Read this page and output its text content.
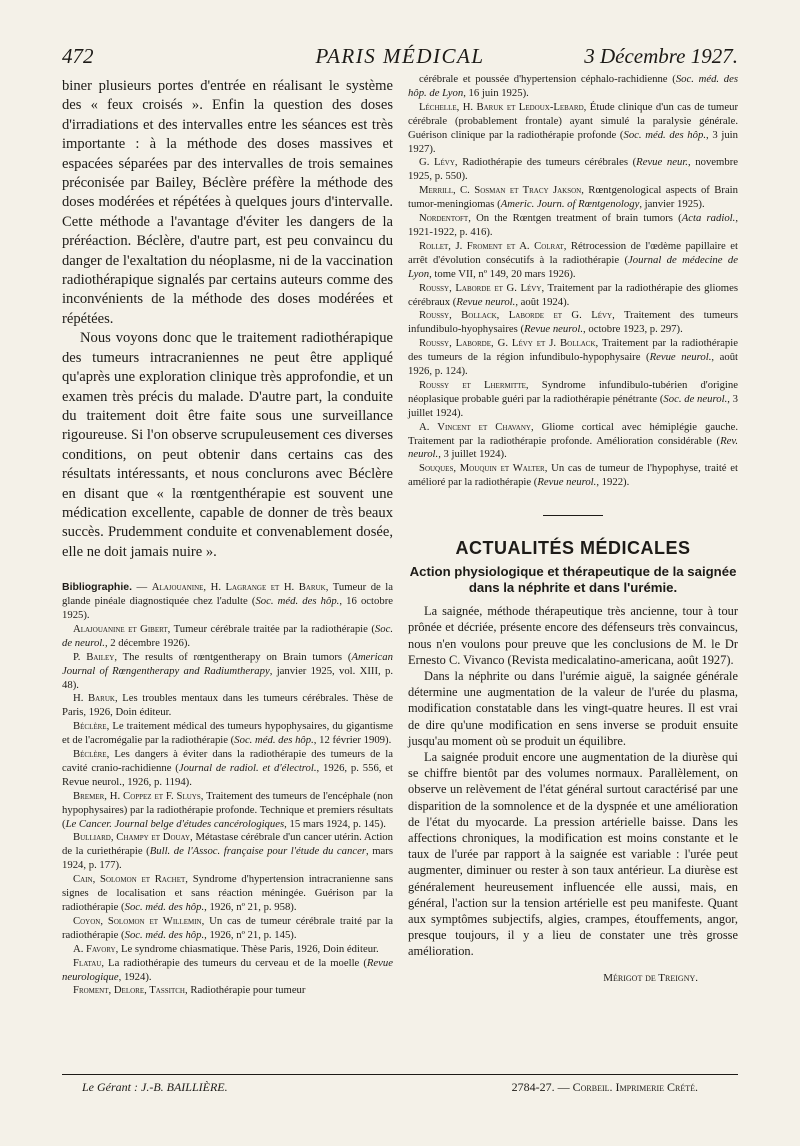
472	PARIS MÉDICAL	3 Décembre 1927.

biner plusieurs portes d'entrée en réalisant le système des « feux croisés ». Enfin la question des doses d'irradiations et des intervalles entre les séances est très importante : à la méthode des doses massives et espacées séparées par des intervalles de trois semaines préconisée par Bailey, Béclère préfère la méthode des doses modérées et répétées à quelques jours d'intervalle. Cette méthode a l'avantage d'éviter les dangers de la préréaction. Béclère, d'autre part, est peu convaincu du danger de l'exaltation du néoplasme, ni de la vaccination radiothérapique signalés par certains auteurs comme des inconvénients de la méthode des doses modérées et répétées.

Nous voyons donc que le traitement radiothérapique des tumeurs intracraniennes ne peut être appliqué qu'après une exploration clinique très approfondie, et un examen très précis du malade. D'autre part, la conduite du traitement doit être faite sous une surveillance rigoureuse. Si l'on observe scrupuleusement ces diverses conditions, on peut obtenir dans certains cas des résultats intéressants, et nous conclurons avec Béclère en disant que « la rœntgenthérapie est souvent une médication excellente, capable de donner de très beaux succès. Prudemment conduite et convenablement dosée, elle ne doit jamais nuire ».

Bibliographie. — Alajouanine, H. Lagrange et H. Baruk, Tumeur de la glande pinéale diagnostiquée chez l'adulte (Soc. méd. des hôp., 16 octobre 1925).

Alajouanine et Gibert, Tumeur cérébrale traitée par la radiothérapie (Soc. de neurol., 2 décembre 1926).

P. Bailey, The results of rœntgentherapy on Brain tumors (American Journal of Rœngentherapy and Radiumtherapy, janvier 1925, vol. XIII, p. 48).

H. Baruk, Les troubles mentaux dans les tumeurs cérébrales. Thèse de Paris, 1926, Doin éditeur.

Béclère, Le traitement médical des tumeurs hypophysaires, du gigantisme et de l'acromégalie par la radiothérapie (Soc. méd. des hôp., 12 février 1909).

Béclère, Les dangers à éviter dans la radiothérapie des tumeurs de la cavité cranio-rachidienne (Journal de radiol. et d'électrol., 1926, p. 556, et Revue neurol., 1926, p. 1194).

Bremer, H. Coppez et F. Sluys, Traitement des tumeurs de l'encéphale (non hypophysaires) par la radiothérapie profonde. Technique et premiers résultats (Le Cancer. Journal belge d'études cancérologiques, 15 mars 1924, p. 145).

Bulliard, Champy et Douay, Métastase cérébrale d'un cancer utérin. Action de la curiethérapie (Bull. de l'Assoc. française pour l'étude du cancer, mars 1924, p. 177).

Cain, Solomon et Rachet, Syndrome d'hypertension intracranienne sans signes de localisation et sans réaction méningée. Guérison par la radiothérapie (Soc. méd. des hôp., 1926, nº 21, p. 958).

Coyon, Solomon et Willemin, Un cas de tumeur cérébrale traité par la radiothérapie (Soc. méd. des hôp., 1926, nº 21, p. 145).

A. Favory, Le syndrome chiasmatique. Thèse Paris, 1926, Doin éditeur.

Flatau, La radiothérapie des tumeurs du cerveau et de la moelle (Revue neurologique, 1924).

Froment, Delore, Tassitch, Radiothérapie pour tumeur

cérébrale et poussée d'hypertension céphalo-rachidienne (Soc. méd. des hôp. de Lyon, 16 juin 1925).

Léchelle, H. Baruk et Ledoux-Lebard, Étude clinique d'un cas de tumeur cérébrale (probablement frontale) ayant simulé la paralysie générale. Guérison clinique par la radiothérapie profonde (Soc. méd. des hôp., 3 juin 1927).

G. Lévy, Radiothérapie des tumeurs cérébrales (Revue neur., novembre 1925, p. 550).

Merrill, C. Sosman et Tracy Jakson, Rœntgenological aspects of Brain tumor-meningiomas (Americ. Journ. of Rœntgenology, janvier 1925).

Nordentoft, On the Rœntgen treatment of brain tumors (Acta radiol., 1921-1922, p. 416).

Rollet, J. Froment et A. Colrat, Rétrocession de l'œdème papillaire et arrêt d'évolution consécutifs à la radiothérapie (Journal de médecine de Lyon, tome VII, nº 149, 20 mars 1926).

Roussy, Laborde et G. Lévy, Traitement par la radiothérapie des gliomes cérébraux (Revue neurol., août 1924).

Roussy, Bollack, Laborde et G. Lévy, Traitement des tumeurs infundibulo-hyophysaires (Revue neurol., octobre 1923, p. 297).

Roussy, Laborde, G. Lévy et J. Bollack, Traitement par la radiothérapie des tumeurs de la région infundibulo-hypophysaire (Revue neurol., août 1926, p. 124).

Roussy et Lhermitte, Syndrome infundibulo-tubérien d'origine néoplasique probable guéri par la radiothérapie pénétrante (Soc. de neurol., 3 juillet 1924).

A. Vincent et Chavany, Gliome cortical avec hémiplégie gauche. Traitement par la radiothérapie profonde. Amélioration considérable (Rev. neurol., 3 juillet 1924).

Souques, Mouquin et Walter, Un cas de tumeur de l'hypophyse, traité et amélioré par la radiothérapie (Revue neurol., 1922).

ACTUALITÉS MÉDICALES

Action physiologique et thérapeutique de la saignée dans la néphrite et dans l'urémie.

La saignée, méthode thérapeutique très ancienne, tour à tour prônée et décriée, présente encore des défenseurs très convaincus, nous n'en voulons pour preuve que les conclusions de M. le Dr Ernesto C. Vivanco (Revista medicalatino-americana, août 1927).

Dans la néphrite ou dans l'urémie aiguë, la saignée générale détermine une augmentation de la valeur de l'urée du plasma, modification constatable dans les vingt-quatre heures. Il est vrai de dire qu'une modification en sens inverse se produit ensuite jusqu'au moment où se produit un équilibre.

La saignée produit encore une augmentation de la diurèse qui se chiffre bientôt par des volumes normaux. Parallèlement, on observe un relèvement de l'état général surtout caractérisé par une disparition de la somnolence et de la dyspnée et une amélioration de l'état du myocarde. La pression artérielle baisse. Dans les affections chroniques, la modification est moins constante et le taux de l'urée par rapport à la saignée est variable : l'urée peut augmenter, diminuer ou rester à son taux antérieur. La diurèse est généralement heureusement influencée elle aussi, mais, en général, l'action sur la tension artérielle est peu manifeste. Quant aux symptômes subjectifs, algies, crampes, étouffements, angor, presque toujours, il y a lieu de constater une très grosse amélioration.

Mérigot de Treigny.

Le Gérant : J.-B. BAILLIÈRE.	2784-27. — Corbeil. Imprimerie Crété.
